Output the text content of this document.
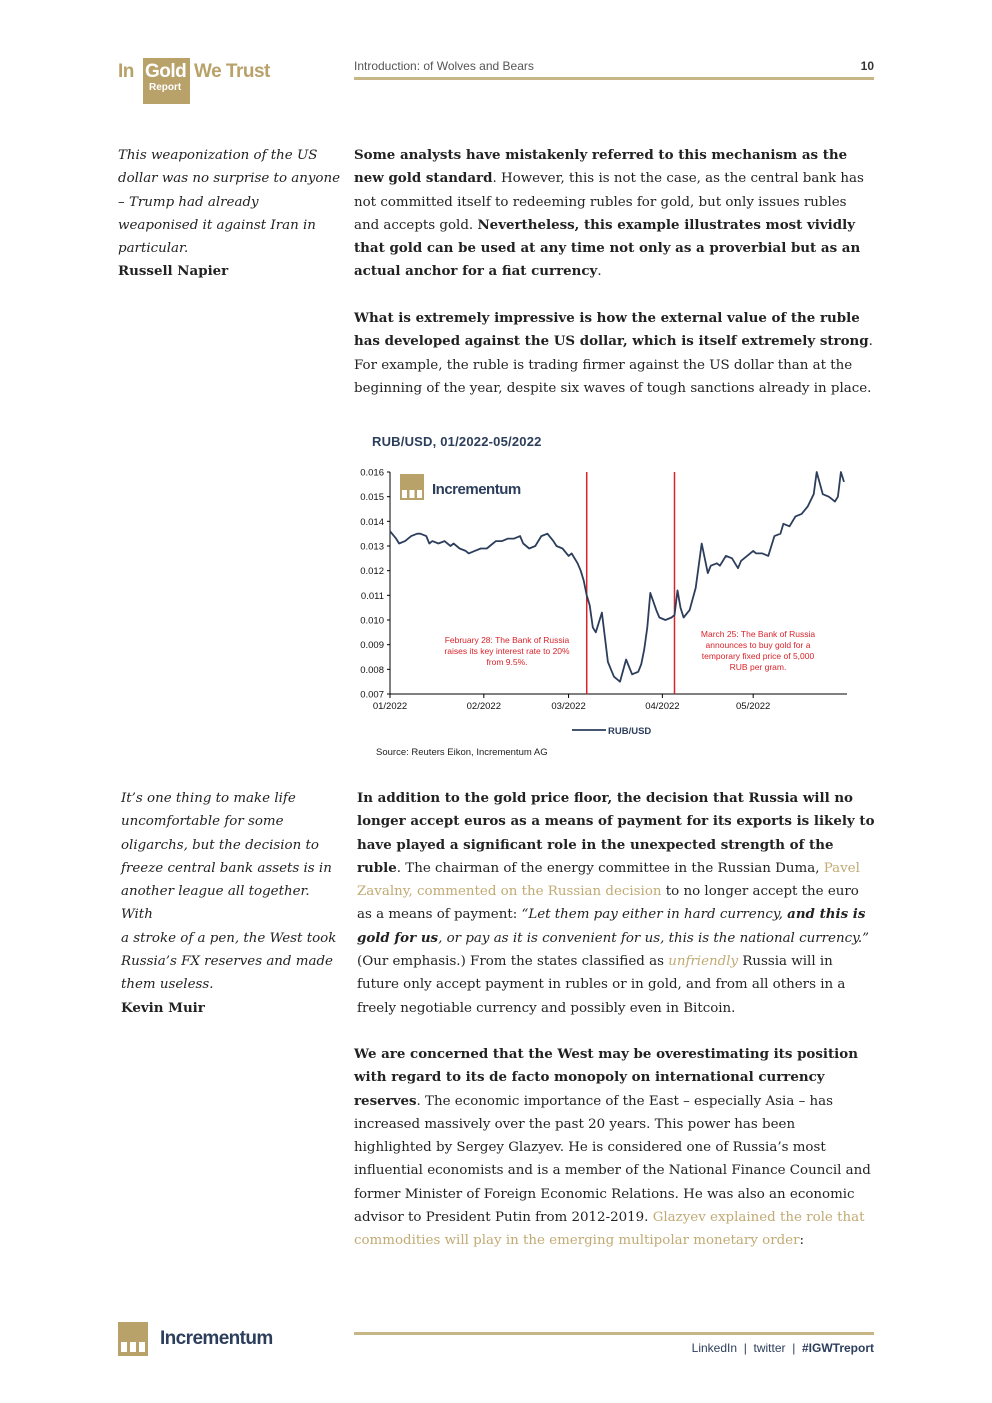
In Gold
Report
We Trust	Introduction: of Wolves and Bears	10
This weaponization of the US
dollar was no surprise to anyone
– Trump had already
weaponised it against Iran in
particular.
Russell Napier
Some analysts have mistakenly referred to this mechanism as the new gold standard. However, this is not the case, as the central bank has not committed itself to redeeming rubles for gold, but only issues rubles and accepts gold. Nevertheless, this example illustrates most vividly that gold can be used at any time not only as a proverbial but as an actual anchor for a fiat currency.
What is extremely impressive is how the external value of the ruble has developed against the US dollar, which is itself extremely strong. For example, the ruble is trading firmer against the US dollar than at the beginning of the year, despite six waves of tough sanctions already in place.
RUB/USD, 01/2022-05/2022
Incrementum
0.016
0.015
0.014
0.013
0.012
0.011
0.010
0.009
0.008
0.007
01/2022	02/2022	03/2022	04/2022	05/2022
February 28: The Bank of Russia raises its key interest rate to 20% from 9.5%.
March 25: The Bank of Russia announces to buy gold for a temporary fixed price of 5,000 RUB per gram.
RUB/USD
Source: Reuters Eikon, Incrementum AG
It’s one thing to make life
uncomfortable for some
oligarchs, but the decision to
freeze central bank assets is in
another league all together. With
a stroke of a pen, the West took
Russia’s FX reserves and made
them useless.
Kevin Muir
In addition to the gold price floor, the decision that Russia will no longer accept euros as a means of payment for its exports is likely to have played a significant role in the unexpected strength of the ruble. The chairman of the energy committee in the Russian Duma, Pavel Zavalny, commented on the Russian decision to no longer accept the euro as a means of payment: “Let them pay either in hard currency, and this is gold for us, or pay as it is convenient for us, this is the national currency.” (Our emphasis.) From the states classified as unfriendly Russia will in future only accept payment in rubles or in gold, and from all others in a freely negotiable currency and possibly even in Bitcoin.
We are concerned that the West may be overestimating its position with regard to its de facto monopoly on international currency reserves. The economic importance of the East – especially Asia – has increased massively over the past 20 years. This power has been highlighted by Sergey Glazyev. He is considered one of Russia’s most influential economists and is a member of the National Finance Council and former Minister of Foreign Economic Relations. He was also an economic advisor to President Putin from 2012-2019. Glazyev explained the role that commodities will play in the emerging multipolar monetary order:
Incrementum	LinkedIn | twitter | #IGWTreport
